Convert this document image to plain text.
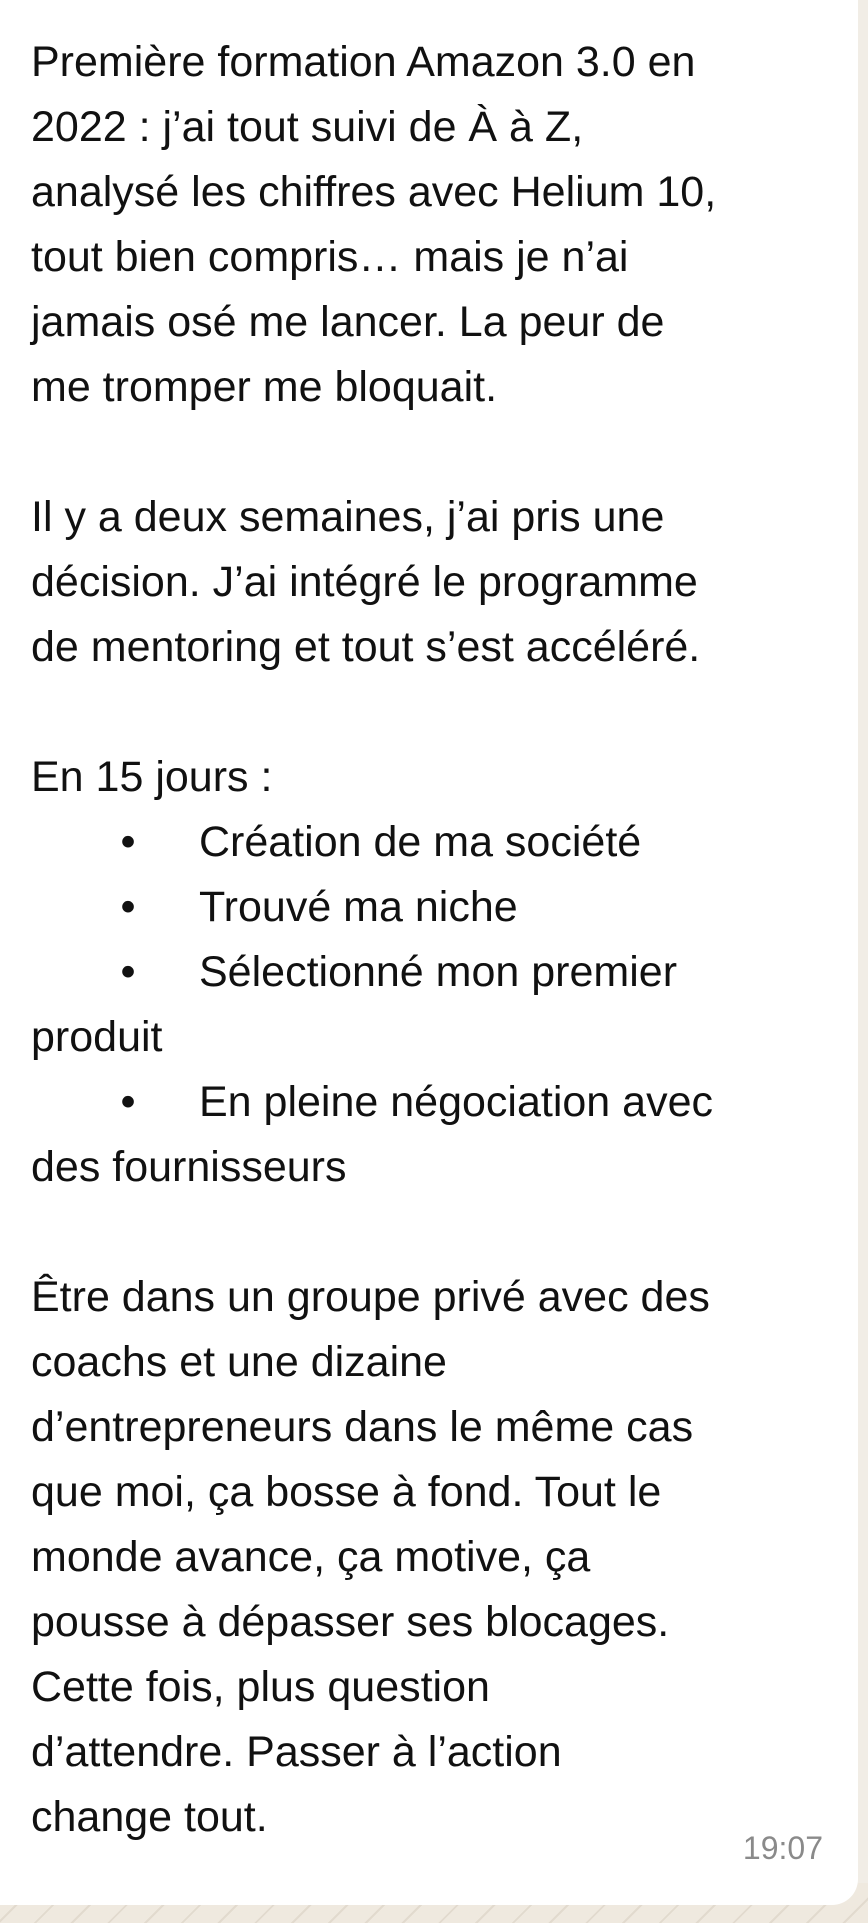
Première formation Amazon 3.0 en
2022 : j’ai tout suivi de À à Z,
analysé les chiffres avec Helium 10,
tout bien compris… mais je n’ai
jamais osé me lancer. La peur de
me tromper me bloquait.
Il y a deux semaines, j’ai pris une
décision. J’ai intégré le programme
de mentoring et tout s’est accéléré.
En 15 jours :
• Création de ma société
• Trouvé ma niche
• Sélectionné mon premier
produit
• En pleine négociation avec
des fournisseurs
Être dans un groupe privé avec des
coachs et une dizaine
d’entrepreneurs dans le même cas
que moi, ça bosse à fond. Tout le
monde avance, ça motive, ça
pousse à dépasser ses blocages.
Cette fois, plus question
d’attendre. Passer à l’action
change tout.
19:07
